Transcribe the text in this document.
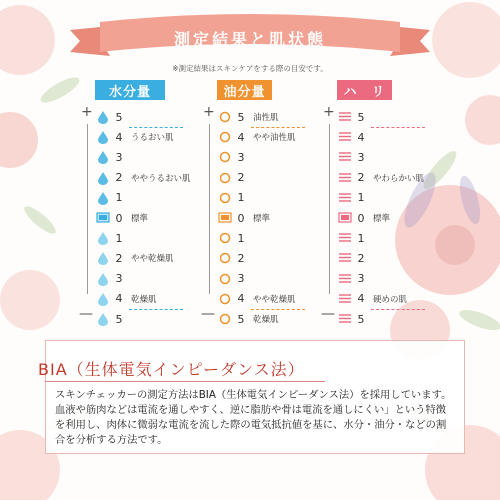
測定結果と肌状態
※測定結果はスキンケアをする際の目安です。
水分量
+
—
5
4 うるおい肌
3
2 ややうるおい肌
1
0 標準
1
2 やや乾燥肌
3
4 乾燥肌
5
油分量
+
—
5 油性肌
4 やや油性肌
3
2
1
0 標準
1
2
3
4 やや乾燥肌
5 乾燥肌
ハ　リ
+
—
5
4
3
2 やわらかい肌
1
0 標準
1
2
3
4 硬めの肌
5
BIA（生体電気インピーダンス法）
スキンチェッカーの測定方法はBIA（生体電気インピーダンス法）を採用しています。血液や筋肉などは電流を通しやすく、逆に脂肪や骨は電流を通しにくい」という特徴を利用し、肉体に微弱な電流を流した際の電気抵抗値を基に、水分・油分・などの割合を分析する方法です。
